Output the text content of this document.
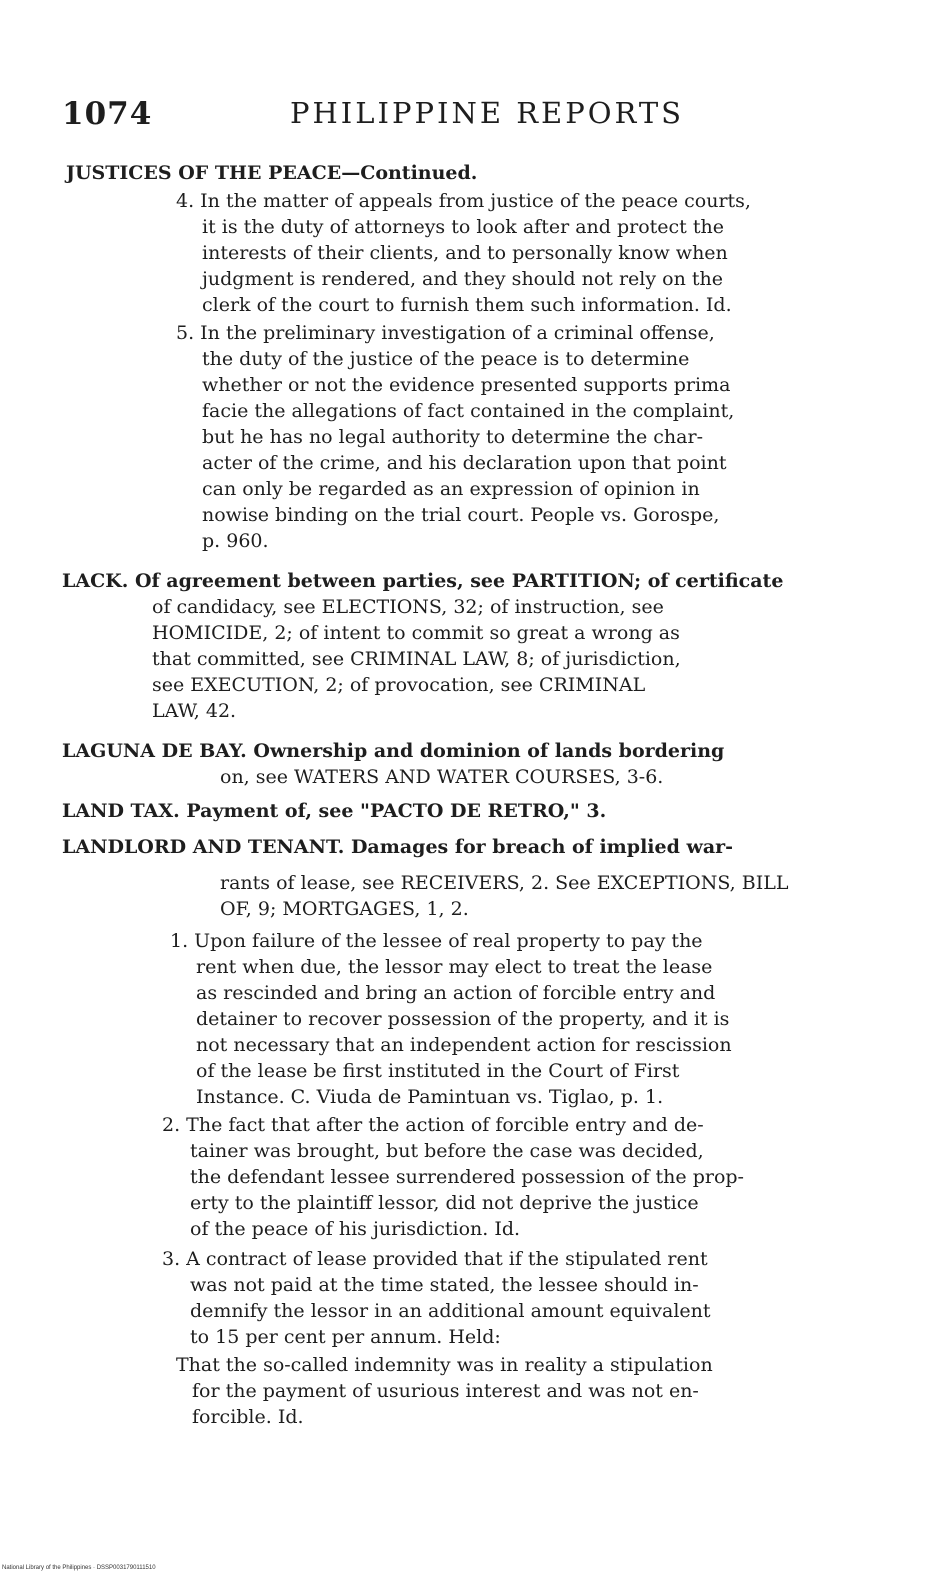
1074	PHILIPPINE REPORTS
JUSTICES OF THE PEACE—Continued.
4. In the matter of appeals from justice of the peace courts,
it is the duty of attorneys to look after and protect the
interests of their clients, and to personally know when
judgment is rendered, and they should not rely on the
clerk of the court to furnish them such information. Id.
5. In the preliminary investigation of a criminal offense,
the duty of the justice of the peace is to determine
whether or not the evidence presented supports prima
facie the allegations of fact contained in the complaint,
but he has no legal authority to determine the char-
acter of the crime, and his declaration upon that point
can only be regarded as an expression of opinion in
nowise binding on the trial court. People vs. Gorospe,
p. 960.
LACK. Of agreement between parties, see PARTITION; of certificate
of candidacy, see ELECTIONS, 32; of instruction, see
HOMICIDE, 2; of intent to commit so great a wrong as
that committed, see CRIMINAL LAW, 8; of jurisdiction,
see EXECUTION, 2; of provocation, see CRIMINAL
LAW, 42.
LAGUNA DE BAY. Ownership and dominion of lands bordering
on, see WATERS AND WATER COURSES, 3-6.
LAND TAX. Payment of, see "PACTO DE RETRO," 3.
LANDLORD AND TENANT. Damages for breach of implied war-
rants of lease, see RECEIVERS, 2. See EXCEPTIONS, BILL
OF, 9; MORTGAGES, 1, 2.
1. Upon failure of the lessee of real property to pay the
rent when due, the lessor may elect to treat the lease
as rescinded and bring an action of forcible entry and
detainer to recover possession of the property, and it is
not necessary that an independent action for rescission
of the lease be first instituted in the Court of First
Instance. C. Viuda de Pamintuan vs. Tiglao, p. 1.
2. The fact that after the action of forcible entry and de-
tainer was brought, but before the case was decided,
the defendant lessee surrendered possession of the prop-
erty to the plaintiff lessor, did not deprive the justice
of the peace of his jurisdiction. Id.
3. A contract of lease provided that if the stipulated rent
was not paid at the time stated, the lessee should in-
demnify the lessor in an additional amount equivalent
to 15 per cent per annum. Held:
That the so-called indemnity was in reality a stipulation
for the payment of usurious interest and was not en-
forcible. Id.
National Library of the Philippines · DSSP0031790111510
